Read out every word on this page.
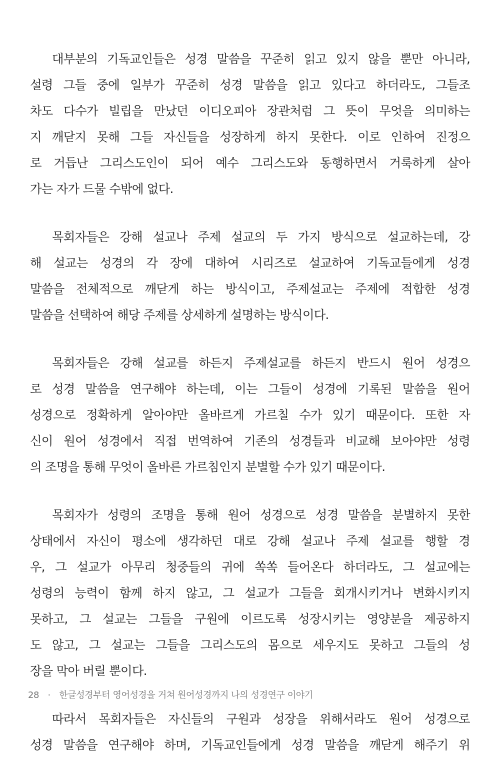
대부분의 기독교인들은 성경 말씀을 꾸준히 읽고 있지 않을 뿐만 아니라,
설령 그들 중에 일부가 꾸준히 성경 말씀을 읽고 있다고 하더라도, 그들조
차도 다수가 빌립을 만났던 이디오피아 장관처럼 그 뜻이 무엇을 의미하는
지 깨닫지 못해 그들 자신들을 성장하게 하지 못한다. 이로 인하여 진정으
로 거듭난 그리스도인이 되어 예수 그리스도와 동행하면서 거룩하게 살아
가는 자가 드물 수밖에 없다.

목회자들은 강해 설교나 주제 설교의 두 가지 방식으로 설교하는데, 강
해 설교는 성경의 각 장에 대하여 시리즈로 설교하여 기독교들에게 성경
말씀을 전체적으로 깨닫게 하는 방식이고, 주제설교는 주제에 적합한 성경
말씀을 선택하여 해당 주제를 상세하게 설명하는 방식이다.

목회자들은 강해 설교를 하든지 주제설교를 하든지 반드시 원어 성경으
로 성경 말씀을 연구해야 하는데, 이는 그들이 성경에 기록된 말씀을 원어
성경으로 정확하게 알아야만 올바르게 가르칠 수가 있기 때문이다. 또한 자
신이 원어 성경에서 직접 번역하여 기존의 성경들과 비교해 보아야만 성령
의 조명을 통해 무엇이 올바른 가르침인지 분별할 수가 있기 때문이다.

목회자가 성령의 조명을 통해 원어 성경으로 성경 말씀을 분별하지 못한
상태에서 자신이 평소에 생각하던 대로 강해 설교나 주제 설교를 행할 경
우, 그 설교가 아무리 청중들의 귀에 쏙쏙 들어온다 하더라도, 그 설교에는
성령의 능력이 함께 하지 않고, 그 설교가 그들을 회개시키거나 변화시키지
못하고, 그 설교는 그들을 구원에 이르도록 성장시키는 영양분을 제공하지
도 않고, 그 설교는 그들을 그리스도의 몸으로 세우지도 못하고 그들의 성
장을 막아 버릴 뿐이다.

따라서 목회자들은 자신들의 구원과 성장을 위해서라도 원어 성경으로
성경 말씀을 연구해야 하며, 기독교인들에게 성경 말씀을 깨닫게 해주기 위

28 · 한글성경부터 영어성경을 거쳐 원어성경까지 나의 성경연구 이야기
